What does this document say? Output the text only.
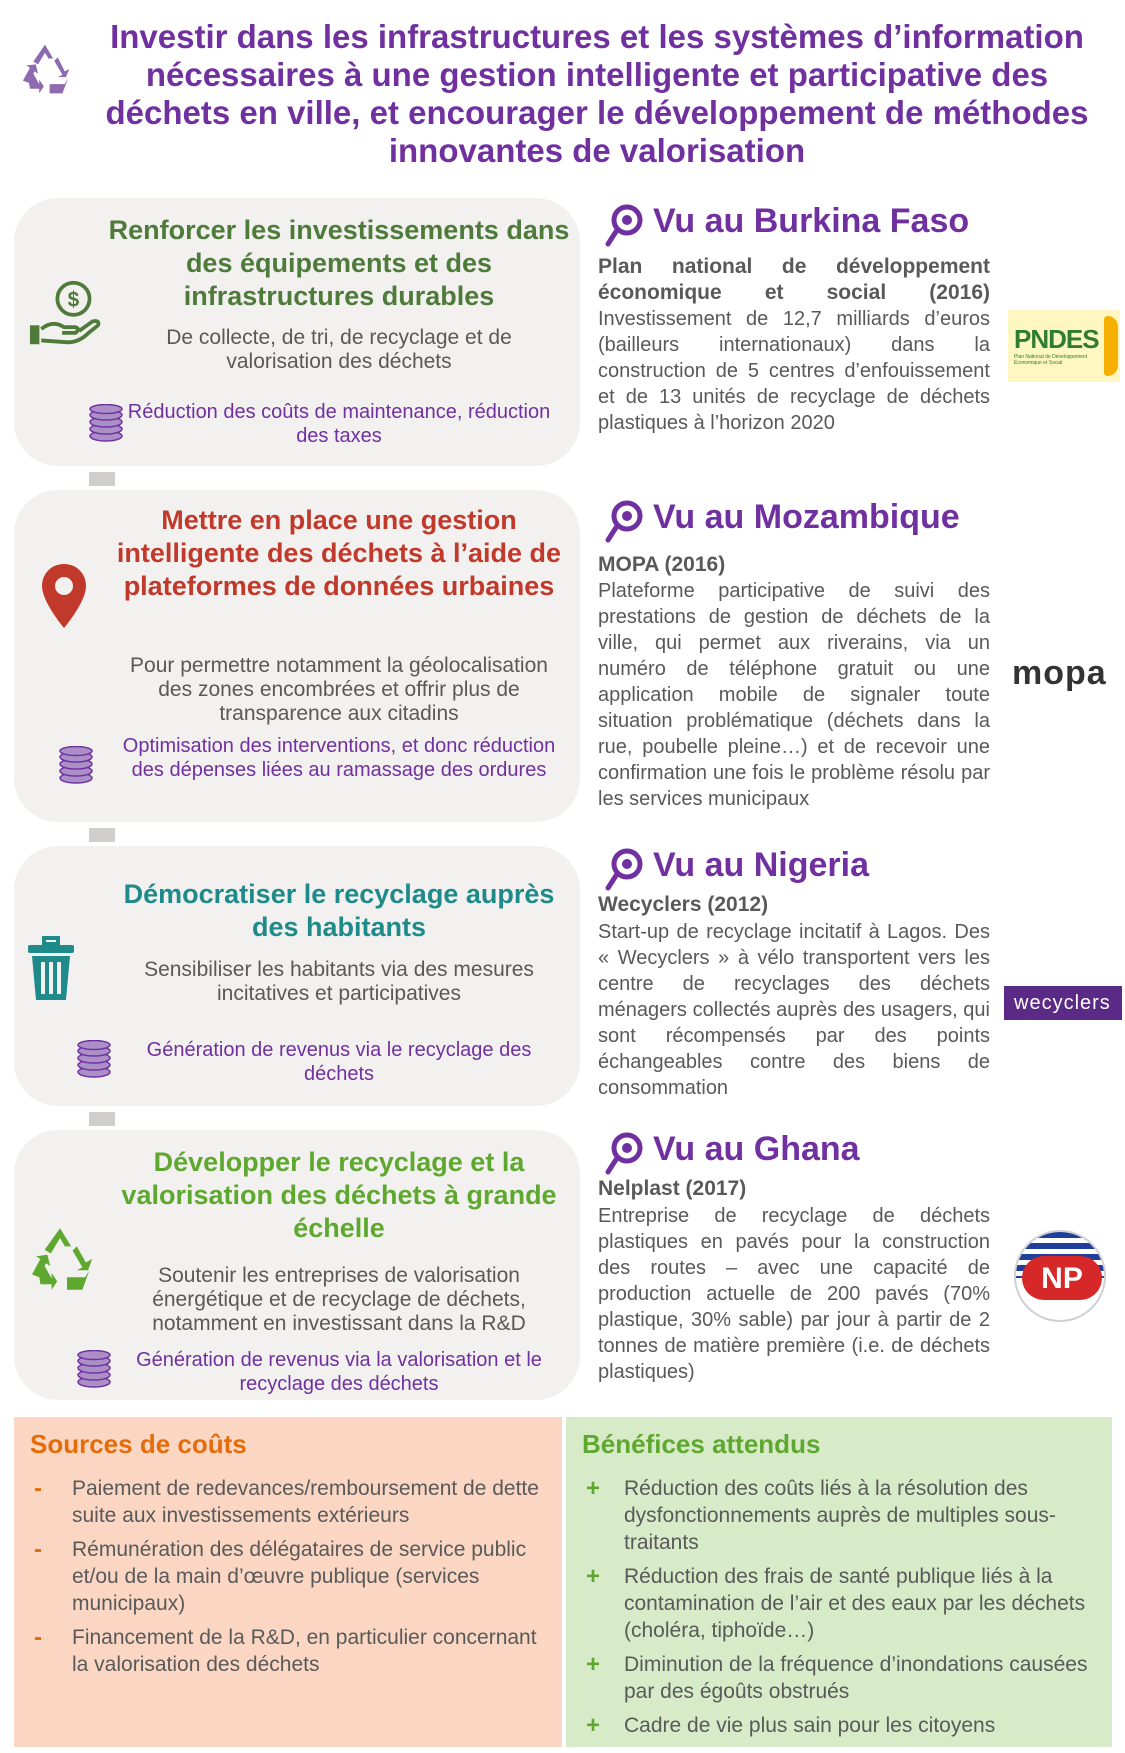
Investir dans les infrastructures et les systèmes d’information nécessaires à une gestion intelligente et participative des déchets en ville, et encourager le développement de méthodes innovantes de valorisation
$
Renforcer les investissements dans des équipements et des infrastructures durables
De collecte, de tri, de recyclage et de valorisation des déchets
Réduction des coûts de maintenance, réduction des taxes
Mettre en place une gestion intelligente des déchets à l’aide de plateformes de données urbaines
Pour permettre notamment la géolocalisation des zones encombrées et offrir plus de transparence aux citadins
Optimisation des interventions, et donc réduction des dépenses liées au ramassage des ordures
Démocratiser le recyclage auprès des habitants
Sensibiliser les habitants via des mesures incitatives et participatives
Génération de revenus via le recyclage des déchets
Développer le recyclage et la valorisation des déchets à grande échelle
Soutenir les entreprises de valorisation énergétique et de recyclage de déchets, notamment en investissant dans la R&D
Génération de revenus via la valorisation et le recyclage des déchets
Vu au Burkina Faso
Plan national de développement économique et social (2016)
Investissement de 12,7 milliards d’euros (bailleurs internationaux) dans la construction de 5 centres d’enfouissement et de 13 unités de recyclage de déchets plastiques à l’horizon 2020
PNDES
Plan National de Développement Économique et Social
Vu au Mozambique
MOPA (2016)
Plateforme participative de suivi des prestations de gestion de déchets de la ville, qui permet aux riverains, via un numéro de téléphone gratuit ou une application mobile de signaler toute situation problématique (déchets dans la rue, poubelle pleine…) et de recevoir une confirmation une fois le problème résolu par les services municipaux
mopa
Vu au Nigeria
Wecyclers (2012)
Start-up de recyclage incitatif à Lagos. Des « Wecyclers » à vélo transportent vers les centre de recyclages des déchets ménagers collectés auprès des usagers, qui sont récompensés par des points échangeables contre des biens de consommation
wecyclers
Vu au Ghana
Nelplast (2017)
Entreprise de recyclage de déchets plastiques en pavés pour la construction des routes – avec une capacité de production actuelle de 200 pavés (70% plastique, 30% sable) par jour à partir de 2 tonnes de matière première (i.e. de déchets plastiques)
NP
Sources de coûts
- Paiement de redevances/remboursement de dette suite aux investissements extérieurs
- Rémunération des délégataires de service public et/ou de la main d’œuvre publique (services municipaux)
- Financement de la R&D, en particulier concernant la valorisation des déchets
Bénéfices attendus
+ Réduction des coûts liés à la résolution des dysfonctionnements auprès de multiples sous-traitants
+ Réduction des frais de santé publique liés à la contamination de l’air et des eaux par les déchets (choléra, tiphoïde…)
+ Diminution de la fréquence d’inondations causées par des égoûts obstrués
+ Cadre de vie plus sain pour les citoyens
